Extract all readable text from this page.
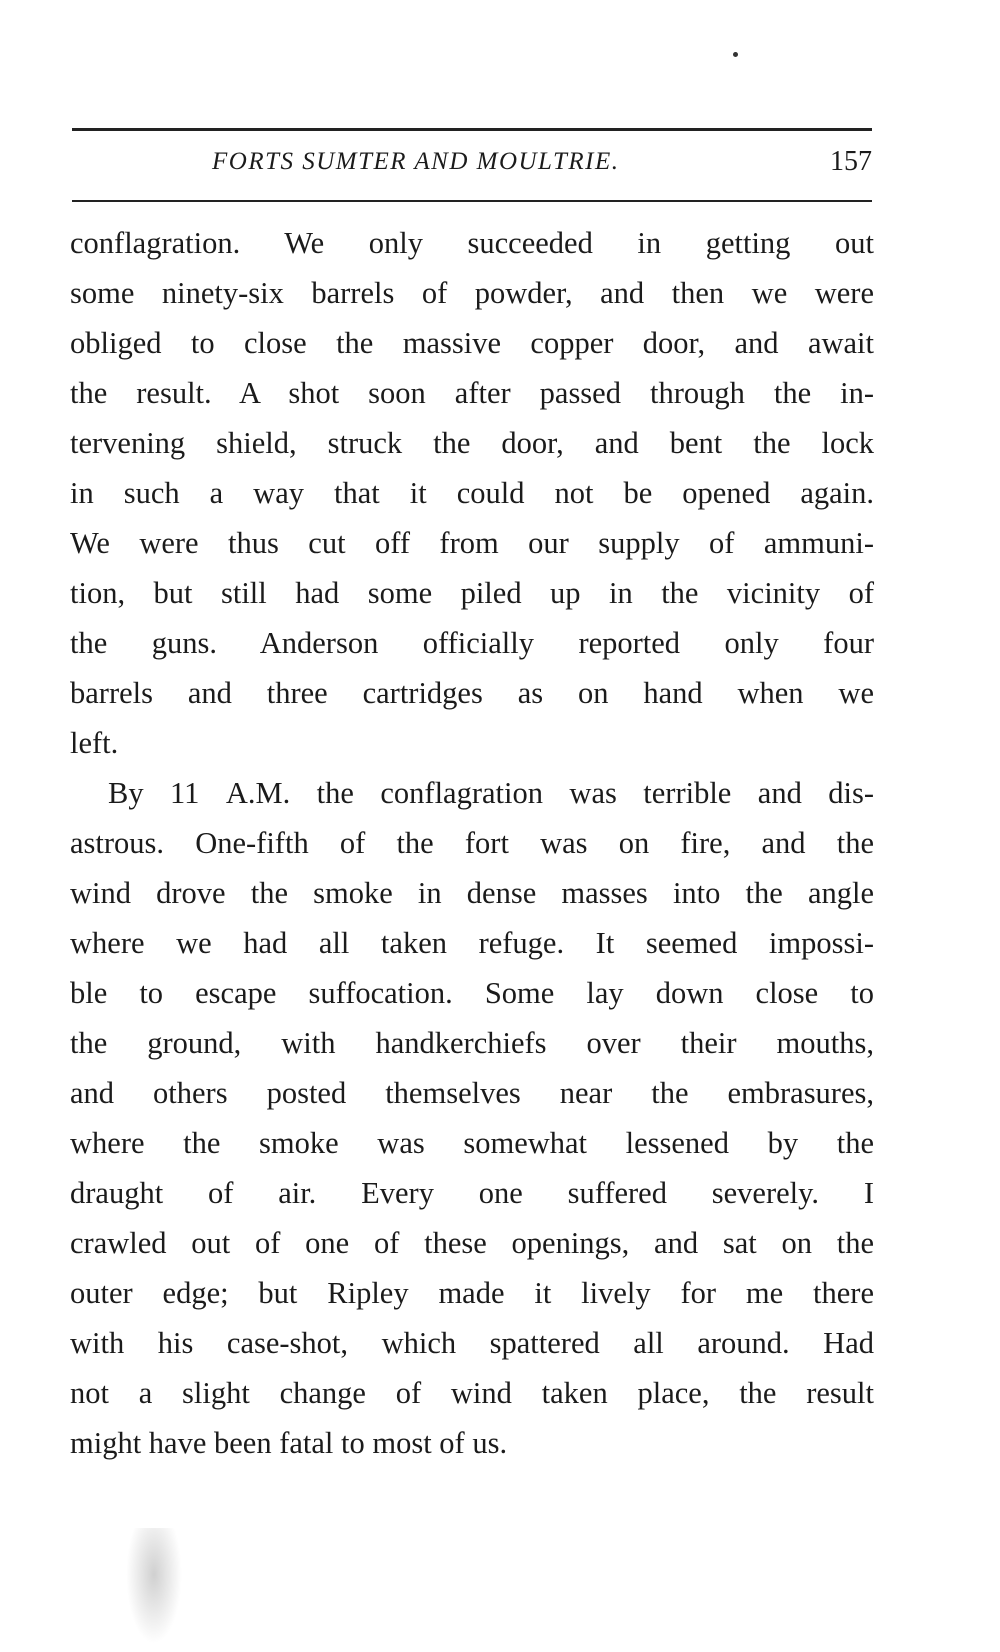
FORTS SUMTER AND MOULTRIE.	157
conflagration. We only succeeded in getting out
some ninety-six barrels of powder, and then we were
obliged to close the massive copper door, and await
the result. A shot soon after passed through the in-
tervening shield, struck the door, and bent the lock
in such a way that it could not be opened again.
We were thus cut off from our supply of ammuni-
tion, but still had some piled up in the vicinity of
the guns. Anderson officially reported only four
barrels and three cartridges as on hand when we
left.
By 11 A.M. the conflagration was terrible and dis-
astrous. One-fifth of the fort was on fire, and the
wind drove the smoke in dense masses into the angle
where we had all taken refuge. It seemed impossi-
ble to escape suffocation. Some lay down close to
the ground, with handkerchiefs over their mouths,
and others posted themselves near the embrasures,
where the smoke was somewhat lessened by the
draught of air. Every one suffered severely. I
crawled out of one of these openings, and sat on the
outer edge; but Ripley made it lively for me there
with his case-shot, which spattered all around. Had
not a slight change of wind taken place, the result
might have been fatal to most of us.
